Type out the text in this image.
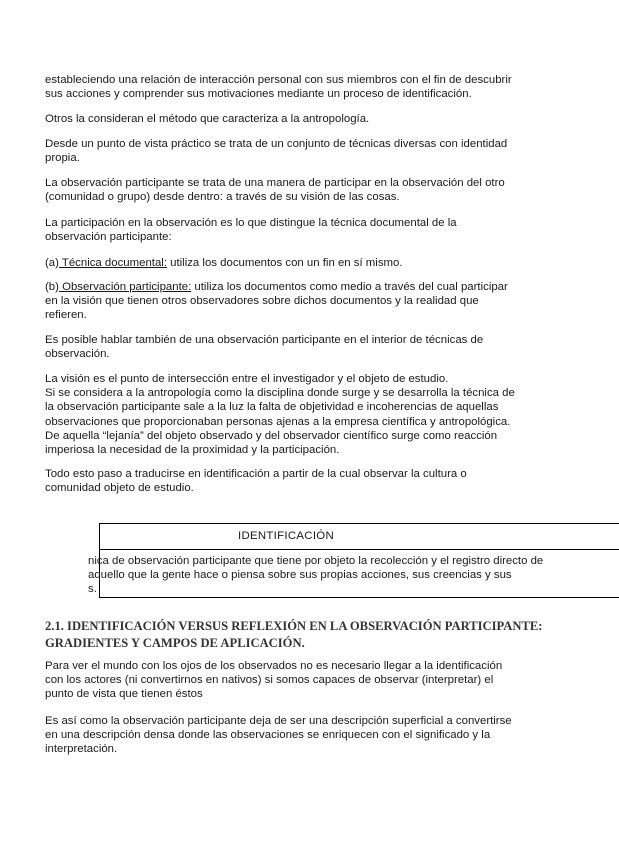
estableciendo una relación de interacción personal con sus miembros con el fin de descubrir
sus acciones y comprender sus motivaciones mediante un proceso de identificación.

Otros la consideran el método que caracteriza a la antropología.

Desde un punto de vista práctico se trata de un conjunto de técnicas diversas con identidad
propia.

La observación participante se trata de una manera de participar en la observación del otro
(comunidad o grupo) desde dentro: a través de su visión de las cosas.

La participación en la observación es lo que distingue la técnica documental de la
observación participante:

(a) Técnica documental: utiliza los documentos con un fin en sí mismo.

(b) Observación participante: utiliza los documentos como medio a través del cual participar
en la visión que tienen otros observadores sobre dichos documentos y la realidad que
refieren.

Es posible hablar también de una observación participante en el interior de técnicas de
observación.

La visión es el punto de intersección entre el investigador y el objeto de estudio.
Si se considera a la antropología como la disciplina donde surge y se desarrolla la técnica de
la observación participante sale a la luz la falta de objetividad e incoherencias de aquellas
observaciones que proporcionaban personas ajenas a la empresa científica y antropológica.
De aquella “lejanía” del objeto observado y del observador científico surge como reacción
imperiosa la necesidad de la proximidad y la participación.

Todo esto paso a traducirse en identificación a partir de la cual observar la cultura o
comunidad objeto de estudio.

IDENTIFICACIÓN
nica de observación participante que tiene por objeto la recolección y el registro directo de
aquello que la gente hace o piensa sobre sus propias acciones, sus creencias y sus
s.
2.1. IDENTIFICACIÓN VERSUS REFLEXIÓN EN LA OBSERVACIÓN PARTICIPANTE:
GRADIENTES Y CAMPOS DE APLICACIÓN.

Para ver el mundo con los ojos de los observados no es necesario llegar a la identificación
con los actores (ni convertirnos en nativos) si somos capaces de observar (interpretar) el
punto de vista que tienen éstos

Es así como la observación participante deja de ser una descripción superficial a convertirse
en una descripción densa donde las observaciones se enriquecen con el significado y la
interpretación.
